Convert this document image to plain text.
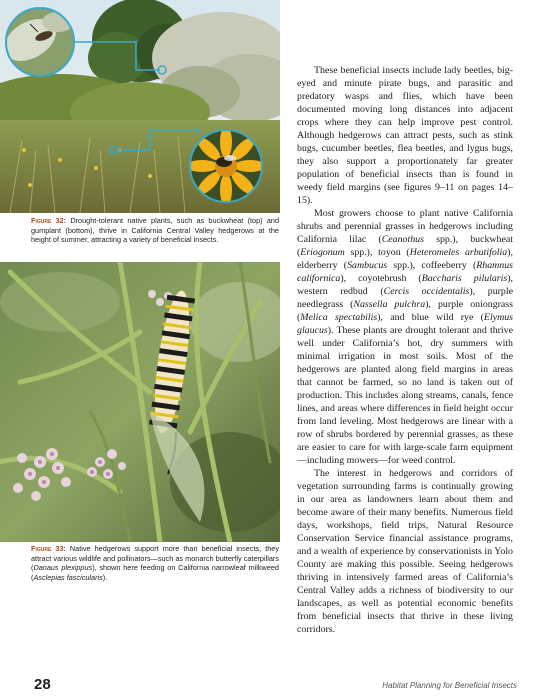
Figure 32: Drought-tolerant native plants, such as buckwheat (top) and gumplant (bottom), thrive in California Central Valley hedgerows at the height of summer, attracting a variety of beneficial insects.
Figure 33: Native hedgerows support more than beneficial insects, they attract various wildlife and pollinators—such as monarch butterfly caterpillars (Danaus plexippus), shown here feeding on California narrowleaf milkweed (Asclepias fascicularis).

These beneficial insects include lady beetles, big-eyed and minute pirate bugs, and parasitic and predatory wasps and flies, which have been documented moving long distances into adjacent crops where they can help improve pest control. Although hedgerows can attract pests, such as stink bugs, cucumber beetles, flea beetles, and lygus bugs, they also support a proportionately far greater population of beneficial insects than is found in weedy field margins (see figures 9–11 on pages 14–15).

Most growers choose to plant native California shrubs and perennial grasses in hedgerows including California lilac (Ceanothus spp.), buckwheat (Eriogonum spp.), toyon (Heteromeles arbutifolia), elderberry (Sambucus spp.), coffeeberry (Rhamnus californica), coyotebrush (Baccharis pilularis), western redbud (Cercis occidentalis), purple needlegrass (Nassella pulchra), purple oniongrass (Melica spectabilis), and blue wild rye (Elymus glaucus). These plants are drought tolerant and thrive well under California’s hot, dry summers with minimal irrigation in most soils. Most of the hedgerows are planted along field margins in areas that cannot be farmed, so no land is taken out of production. This includes along streams, canals, fence lines, and areas where differences in field height occur from land leveling. Most hedgerows are linear with a row of shrubs bordered by perennial grasses, as these are easier to care for with large-scale farm equipment—including mowers—for weed control.

The interest in hedgerows and corridors of vegetation surrounding farms is continually growing in our area as landowners learn about them and become aware of their many benefits. Numerous field days, workshops, field trips, Natural Resource Conservation Service financial assistance programs, and a wealth of experience by conservationists in Yolo County are making this possible. Seeing hedgerows thriving in intensively farmed areas of California’s Central Valley adds a richness of biodiversity to our landscapes, as well as potential economic benefits from beneficial insects that thrive in these living corridors.

28	Habitat Planning for Beneficial Insects
